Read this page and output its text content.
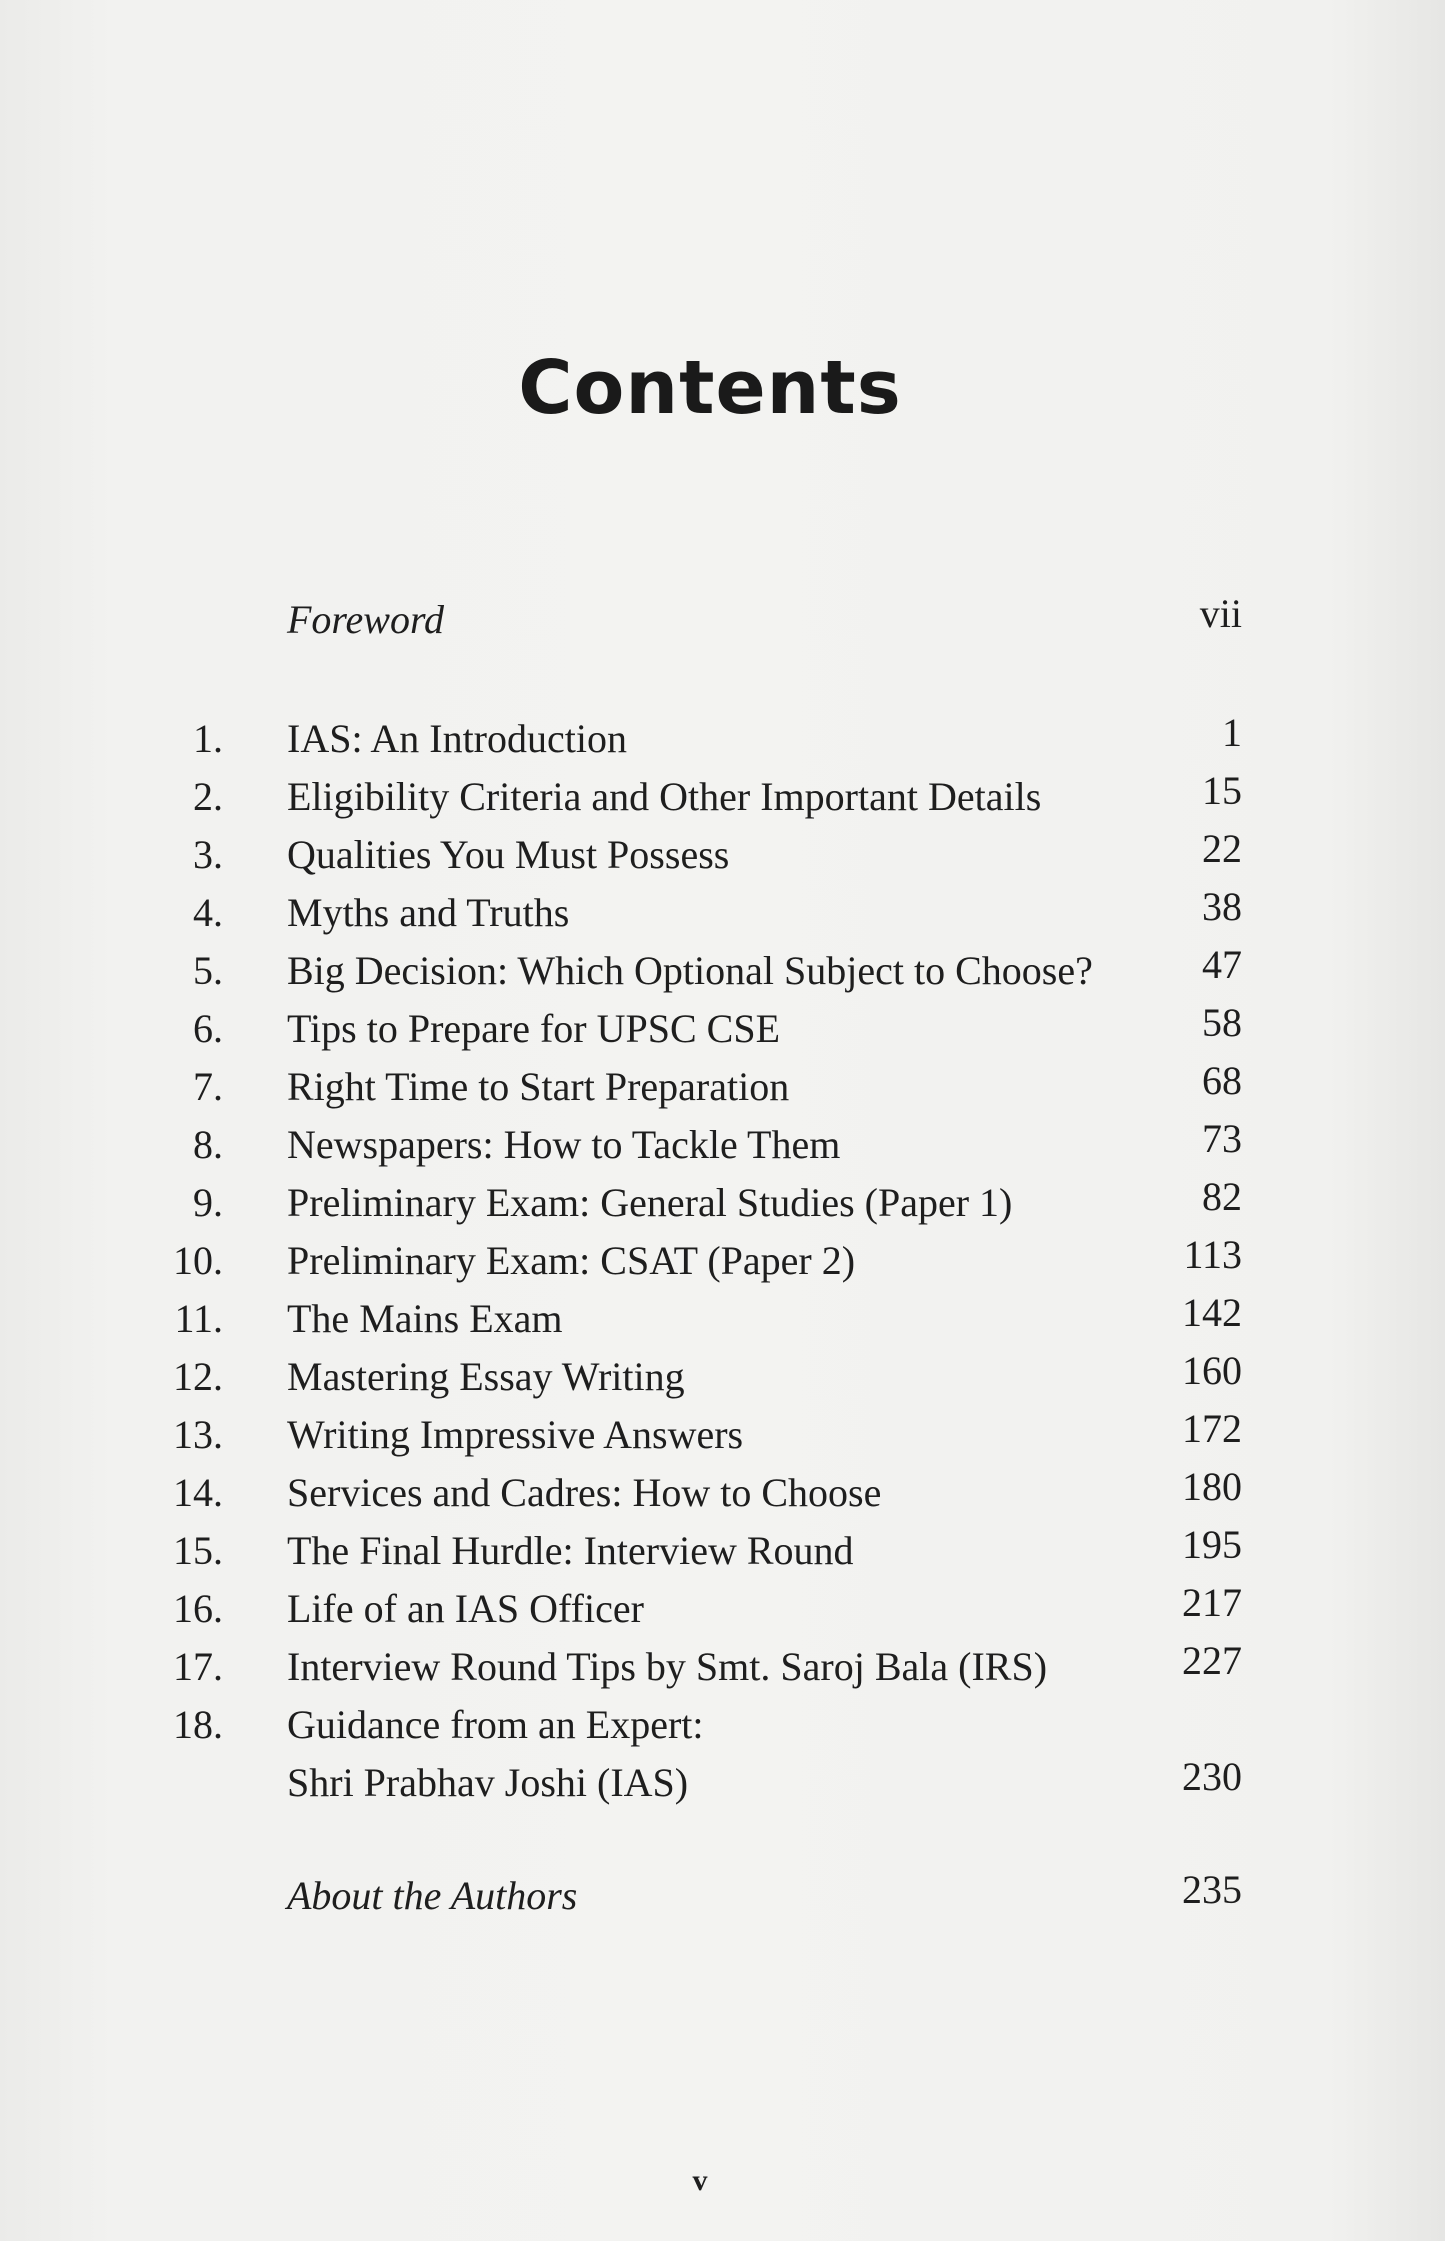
Contents
Foreword	vii
1. IAS: An Introduction	1
2. Eligibility Criteria and Other Important Details	15
3. Qualities You Must Possess	22
4. Myths and Truths	38
5. Big Decision: Which Optional Subject to Choose?	47
6. Tips to Prepare for UPSC CSE	58
7. Right Time to Start Preparation	68
8. Newspapers: How to Tackle Them	73
9. Preliminary Exam: General Studies (Paper 1)	82
10. Preliminary Exam: CSAT (Paper 2)	113
11. The Mains Exam	142
12. Mastering Essay Writing	160
13. Writing Impressive Answers	172
14. Services and Cadres: How to Choose	180
15. The Final Hurdle: Interview Round	195
16. Life of an IAS Officer	217
17. Interview Round Tips by Smt. Saroj Bala (IRS)	227
18. Guidance from an Expert:
Shri Prabhav Joshi (IAS)	230
About the Authors	235
v
